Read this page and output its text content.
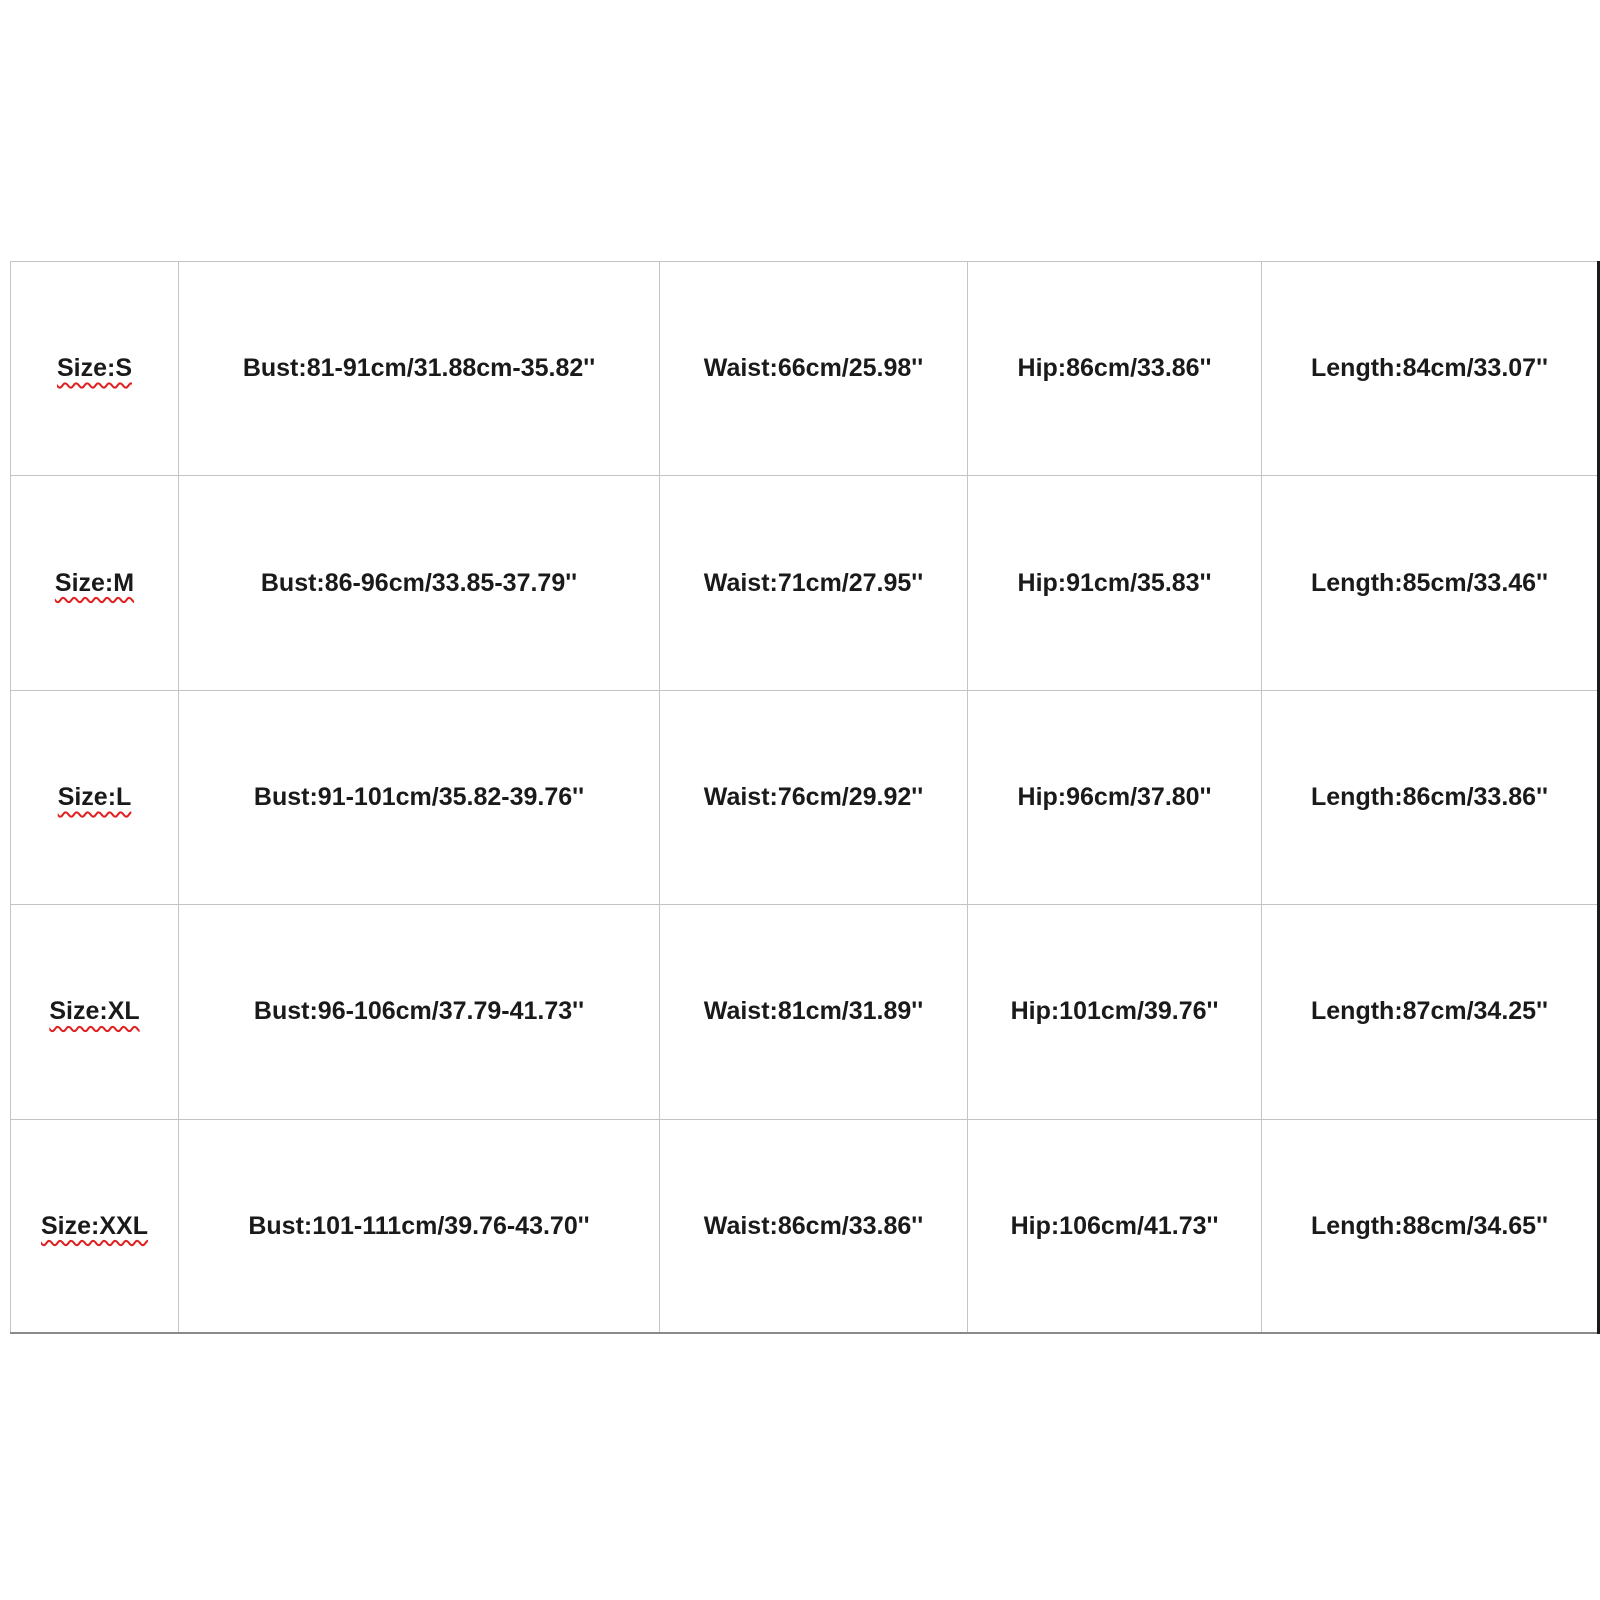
Size:S	Bust:81-91cm/31.88cm-35.82''	Waist:66cm/25.98''	Hip:86cm/33.86''	Length:84cm/33.07''
Size:M	Bust:86-96cm/33.85-37.79''	Waist:71cm/27.95''	Hip:91cm/35.83''	Length:85cm/33.46''
Size:L	Bust:91-101cm/35.82-39.76''	Waist:76cm/29.92''	Hip:96cm/37.80''	Length:86cm/33.86''
Size:XL	Bust:96-106cm/37.79-41.73''	Waist:81cm/31.89''	Hip:101cm/39.76''	Length:87cm/34.25''
Size:XXL	Bust:101-111cm/39.76-43.70''	Waist:86cm/33.86''	Hip:106cm/41.73''	Length:88cm/34.65''
